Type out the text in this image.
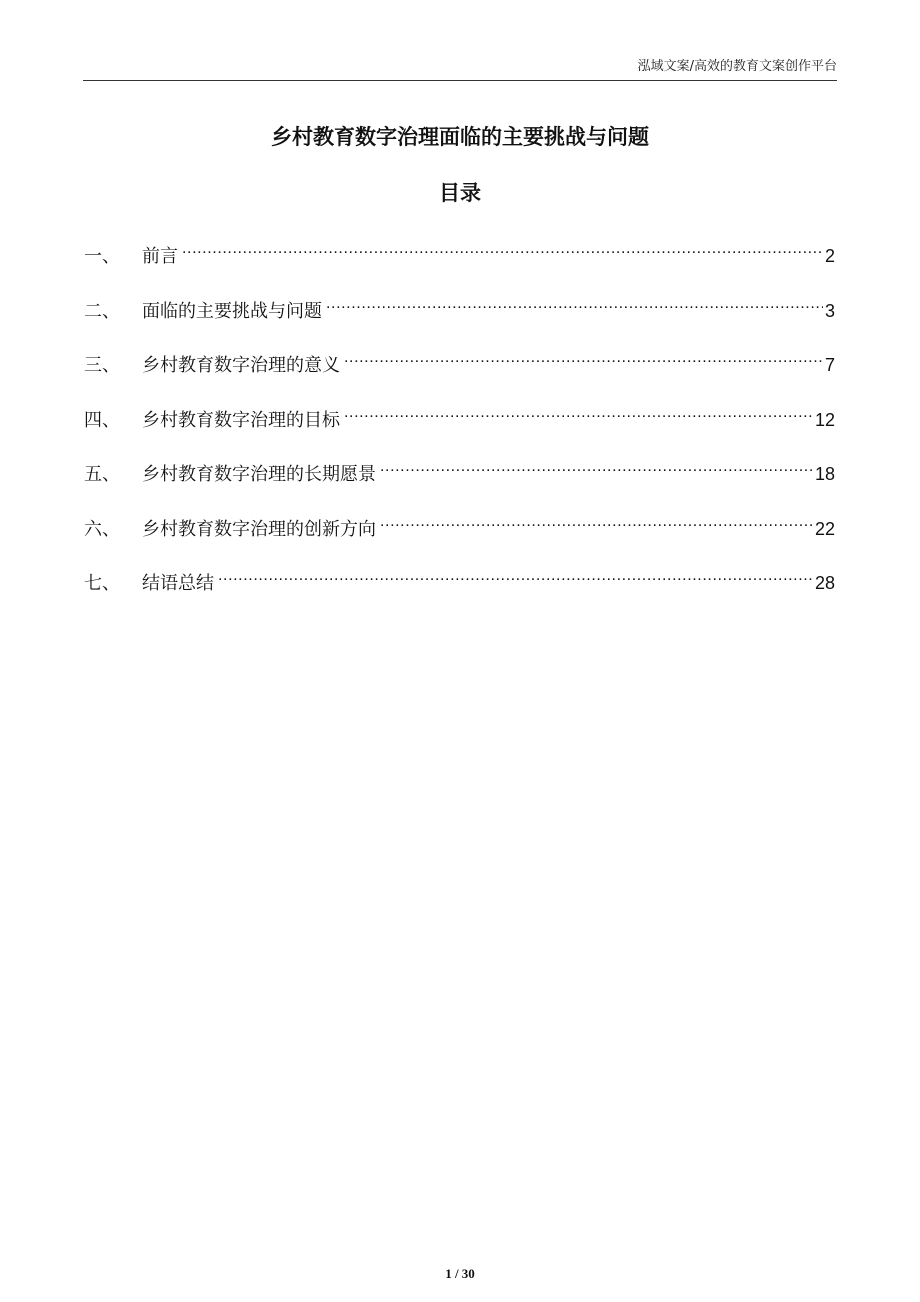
泓域文案/高效的教育文案创作平台
乡村教育数字治理面临的主要挑战与问题
目录
一、	前言 .....	2
二、	面临的主要挑战与问题 .....	3
三、	乡村教育数字治理的意义 .....	7
四、	乡村教育数字治理的目标 .....	12
五、	乡村教育数字治理的长期愿景 .....	18
六、	乡村教育数字治理的创新方向 .....	22
七、	结语总结 .....	28
1 / 30
